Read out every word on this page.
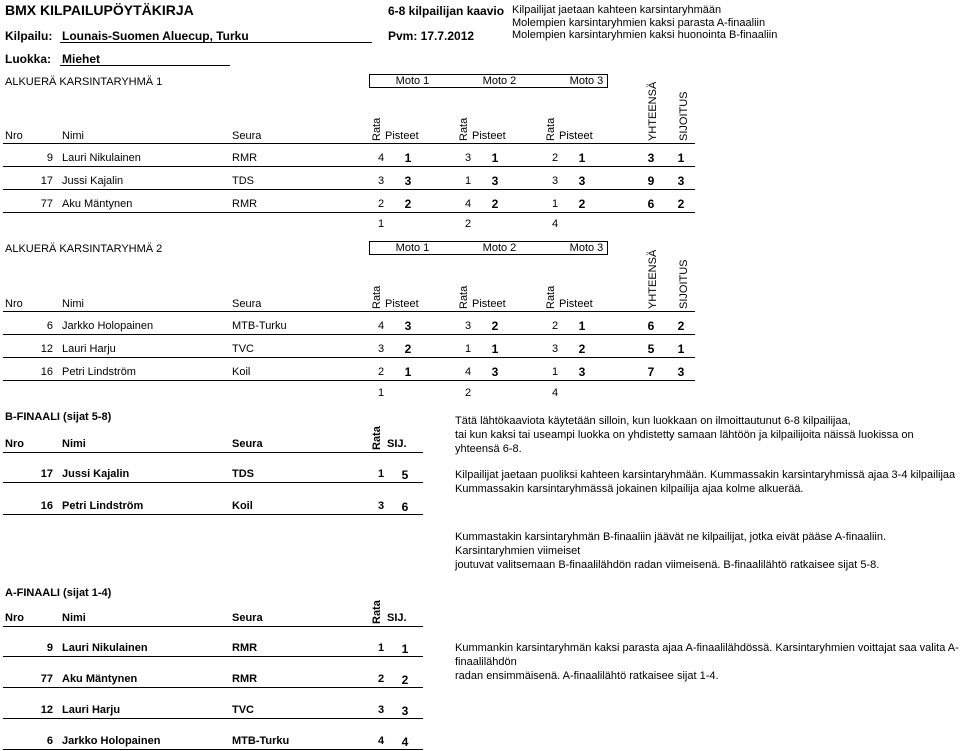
BMX KILPAILUPÖYTÄKIRJA	6-8 kilpailijan kaavio Kilpailijat jaetaan kahteen karsintaryhmään
Molempien karsintaryhmien kaksi parasta A-finaaliin
Molempien karsintaryhmien kaksi huonointa B-finaaliin
Kilpailu: Lounais-Suomen Aluecup, Turku	Pvm: 17.7.2012
Luokka: Miehet
ALKUERÄ KARSINTARYHMÄ 1	Moto 1	Moto 2	Moto 3
Nro	Nimi	Seura	Rata Pisteet	Rata Pisteet	Rata Pisteet	YHTEENSÄ SIJOITUS
9 Lauri Nikulainen	RMR	4	1	3	1	2	1	3	1
17 Jussi Kajalin	TDS	3	3	1	3	3	3	9	3
77 Aku Mäntynen	RMR	2	2	4	2	1	2	6	2
1	2	4
ALKUERÄ KARSINTARYHMÄ 2	Moto 1	Moto 2	Moto 3
Nro	Nimi	Seura	Rata Pisteet	Rata Pisteet	Rata Pisteet	YHTEENSÄ SIJOITUS
6 Jarkko Holopainen	MTB-Turku	4	3	3	2	2	1	6	2
12 Lauri Harju	TVC	3	2	1	1	3	2	5	1
16 Petri Lindström	Koil	2	1	4	3	1	3	7	3
1	2	4
B-FINAALI (sijat 5-8)
Nro	Nimi	Seura	Rata SIJ.
17 Jussi Kajalin	TDS	1	5
16 Petri Lindström	Koil	3	6
A-FINAALI (sijat 1-4)
Nro	Nimi	Seura	Rata SIJ.
9 Lauri Nikulainen	RMR	1	1
77 Aku Mäntynen	RMR	2	2
12 Lauri Harju	TVC	3	3
6 Jarkko Holopainen	MTB-Turku	4	4
Tätä lähtökaaviota käytetään silloin, kun luokkaan on ilmoittautunut 6-8 kilpailijaa,
tai kun kaksi tai useampi luokka on yhdistetty samaan lähtöön ja kilpailijoita näissä luokissa on yhteensä 6-8.
Kilpailijat jaetaan puoliksi kahteen karsintaryhmään. Kummassakin karsintaryhmissä ajaa 3-4 kilpailijaa
Kummassakin karsintaryhmässä jokainen kilpailija ajaa kolme alkuerää.
Kummastakin karsintaryhmän B-finaaliin jäävät ne kilpailijat, jotka eivät pääse A-finaaliin. Karsintaryhmien viimeiset
joutuvat valitsemaan B-finaalilähdön radan viimeisenä. B-finaalilähtö ratkaisee sijat 5-8.
Kummankin karsintaryhmän kaksi parasta ajaa A-finaalilähdössä. Karsintaryhmien voittajat saa valita A-finaalilähdön
radan ensimmäisenä. A-finaalilähtö ratkaisee sijat 1-4.
